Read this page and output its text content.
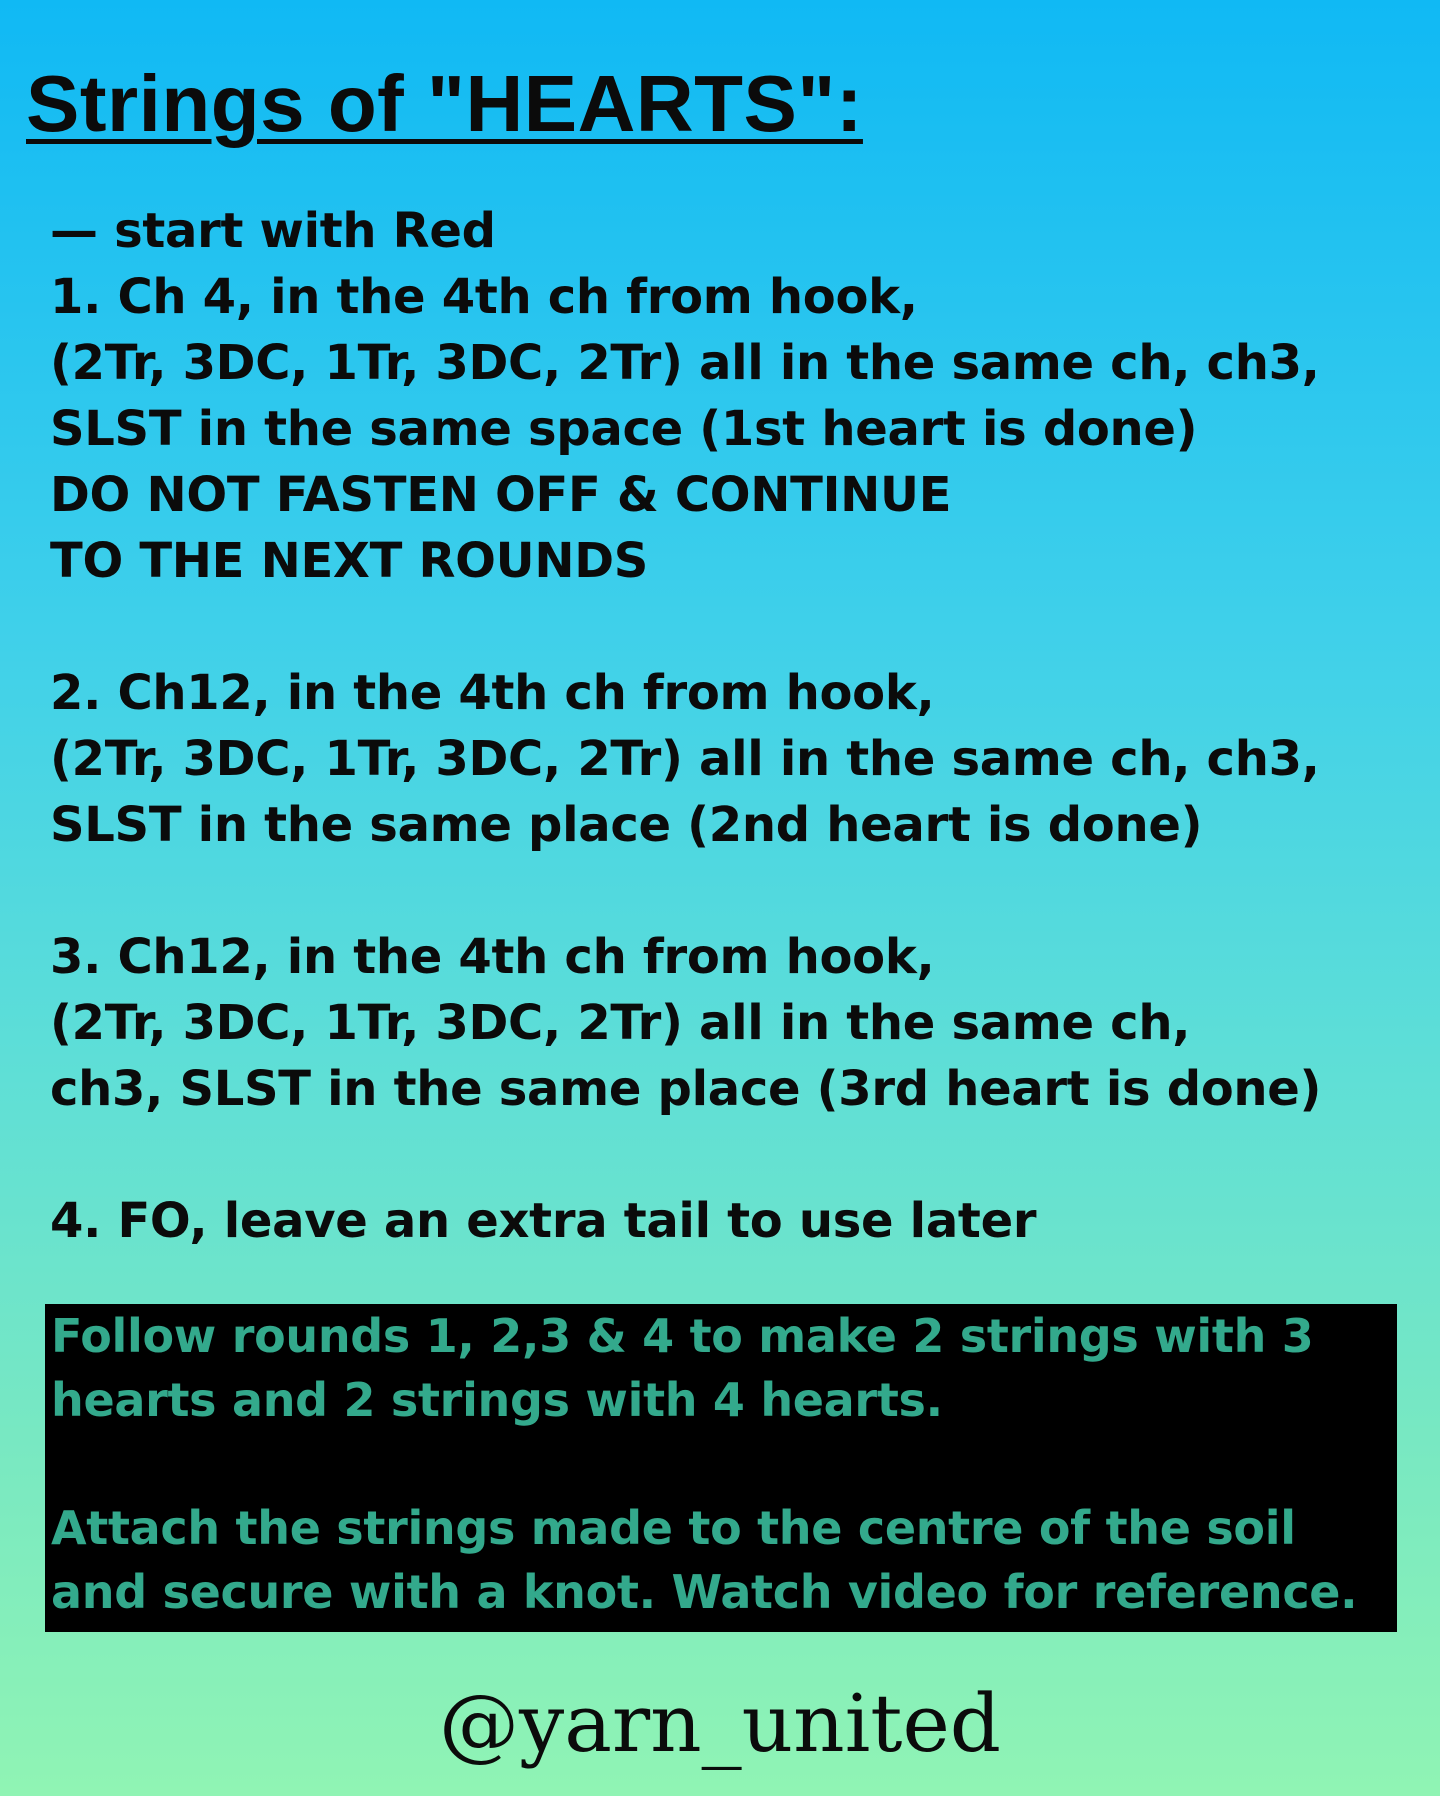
Strings of "HEARTS":
— start with Red
1. Ch 4, in the 4th ch from hook,
(2Tr, 3DC, 1Tr, 3DC, 2Tr) all in the same ch, ch3,
SLST in the same space (1st heart is done)
DO NOT FASTEN OFF & CONTINUE
TO THE NEXT ROUNDS
2. Ch12, in the 4th ch from hook,
(2Tr, 3DC, 1Tr, 3DC, 2Tr) all in the same ch, ch3,
SLST in the same place (2nd heart is done)
3. Ch12, in the 4th ch from hook,
(2Tr, 3DC, 1Tr, 3DC, 2Tr) all in the same ch,
ch3, SLST in the same place (3rd heart is done)
4. FO, leave an extra tail to use later
Follow rounds 1, 2,3 & 4 to make 2 strings with 3
hearts and 2 strings with 4 hearts.
Attach the strings made to the centre of the soil
and secure with a knot. Watch video for reference.
@yarn_united
